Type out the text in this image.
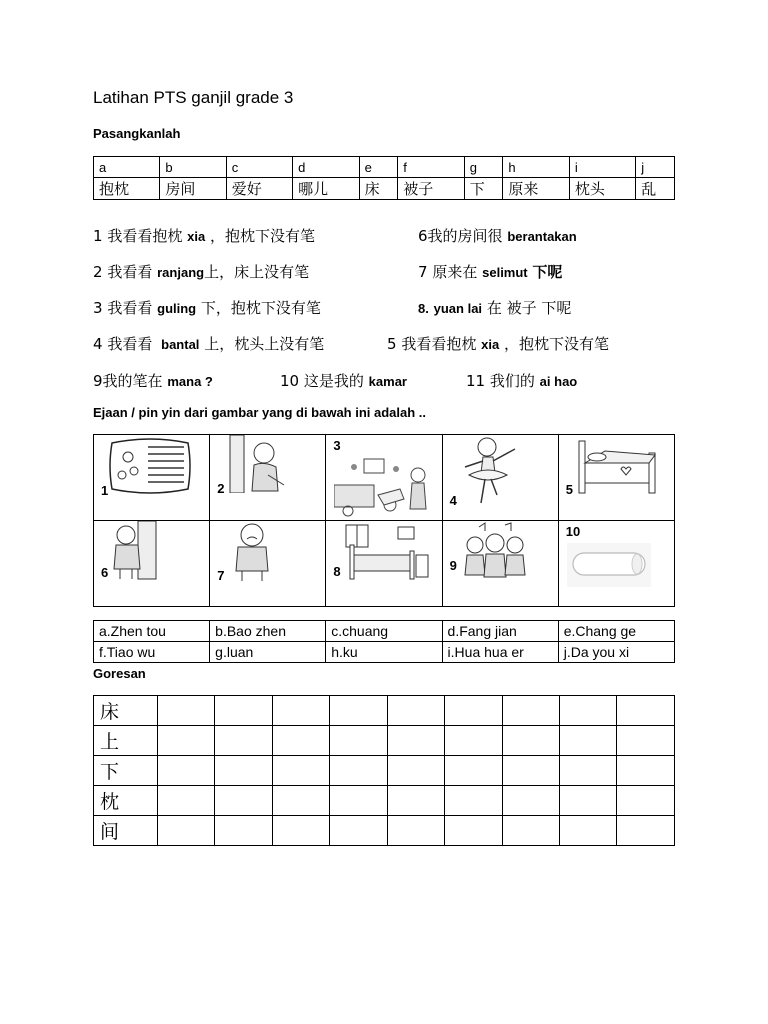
Latihan PTS ganjil grade 3
Pasangkanlah
a	b	c	d	e	f	g	h	i	j
抱枕	房间	爱好	哪儿	床	被子	下	原来	枕头	乱
1 我看看抱枕 xia ，抱枕下没有笔	6我的房间很 berantakan
2 我看看 ranjang上，床上没有笔	7 原来在 selimut 下呢
3 我看看 guling 下，抱枕下没有笔	8. yuan lai 在 被子 下呢
4 我看看 bantal 上，枕头上没有笔	5 我看看抱枕 xia ，抱枕下没有笔
9我的笔在 mana ?	10 这是我的 kamar	11 我们的 ai hao
Ejaan / pin yin dari gambar yang di bawah ini adalah ..
1	2	3	4	5

6	7	8	9	10
a.Zhen tou	b.Bao zhen	c.chuang	d.Fang jian	e.Chang ge
f.Tiao wu	g.luan	h.ku	i.Hua hua er	j.Da you xi
Goresan
床									
上									
下									
枕									
间									
